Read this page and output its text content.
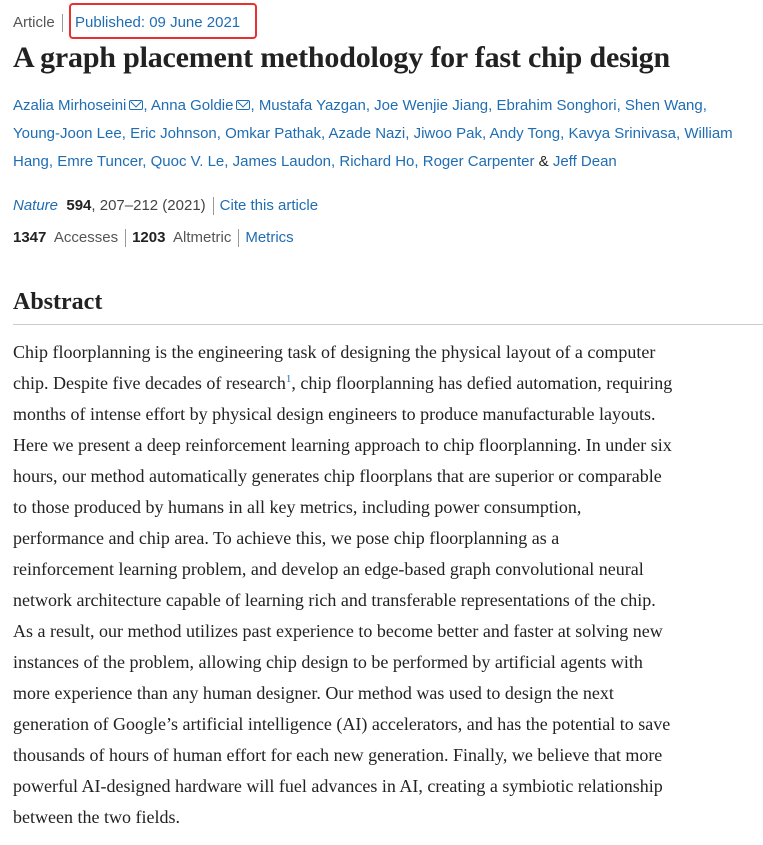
Article Published: 09 June 2021
A graph placement methodology for fast chip design
Azalia Mirhoseini , Anna Goldie , Mustafa Yazgan, Joe Wenjie Jiang, Ebrahim Songhori, Shen Wang,
Young-Joon Lee, Eric Johnson, Omkar Pathak, Azade Nazi, Jiwoo Pak, Andy Tong, Kavya Srinivasa, William Hang, Emre Tuncer, Quoc V. Le, James Laudon, Richard Ho, Roger Carpenter & Jeff Dean
Nature 594, 207–212 (2021) Cite this article
1347 Accesses 1203 Altmetric Metrics
Abstract
Chip floorplanning is the engineering task of designing the physical layout of a computer
chip. Despite five decades of research$^1$, chip floorplanning has defied automation, requiring
months of intense effort by physical design engineers to produce manufacturable layouts.
Here we present a deep reinforcement learning approach to chip floorplanning. In under six
hours, our method automatically generates chip floorplans that are superior or comparable
to those produced by humans in all key metrics, including power consumption,
performance and chip area. To achieve this, we pose chip floorplanning as a
reinforcement learning problem, and develop an edge-based graph convolutional neural
network architecture capable of learning rich and transferable representations of the chip.
As a result, our method utilizes past experience to become better and faster at solving new
instances of the problem, allowing chip design to be performed by artificial agents with
more experience than any human designer. Our method was used to design the next
generation of Google’s artificial intelligence (AI) accelerators, and has the potential to save
thousands of hours of human effort for each new generation. Finally, we believe that more
powerful AI-designed hardware will fuel advances in AI, creating a symbiotic relationship
between the two fields.
